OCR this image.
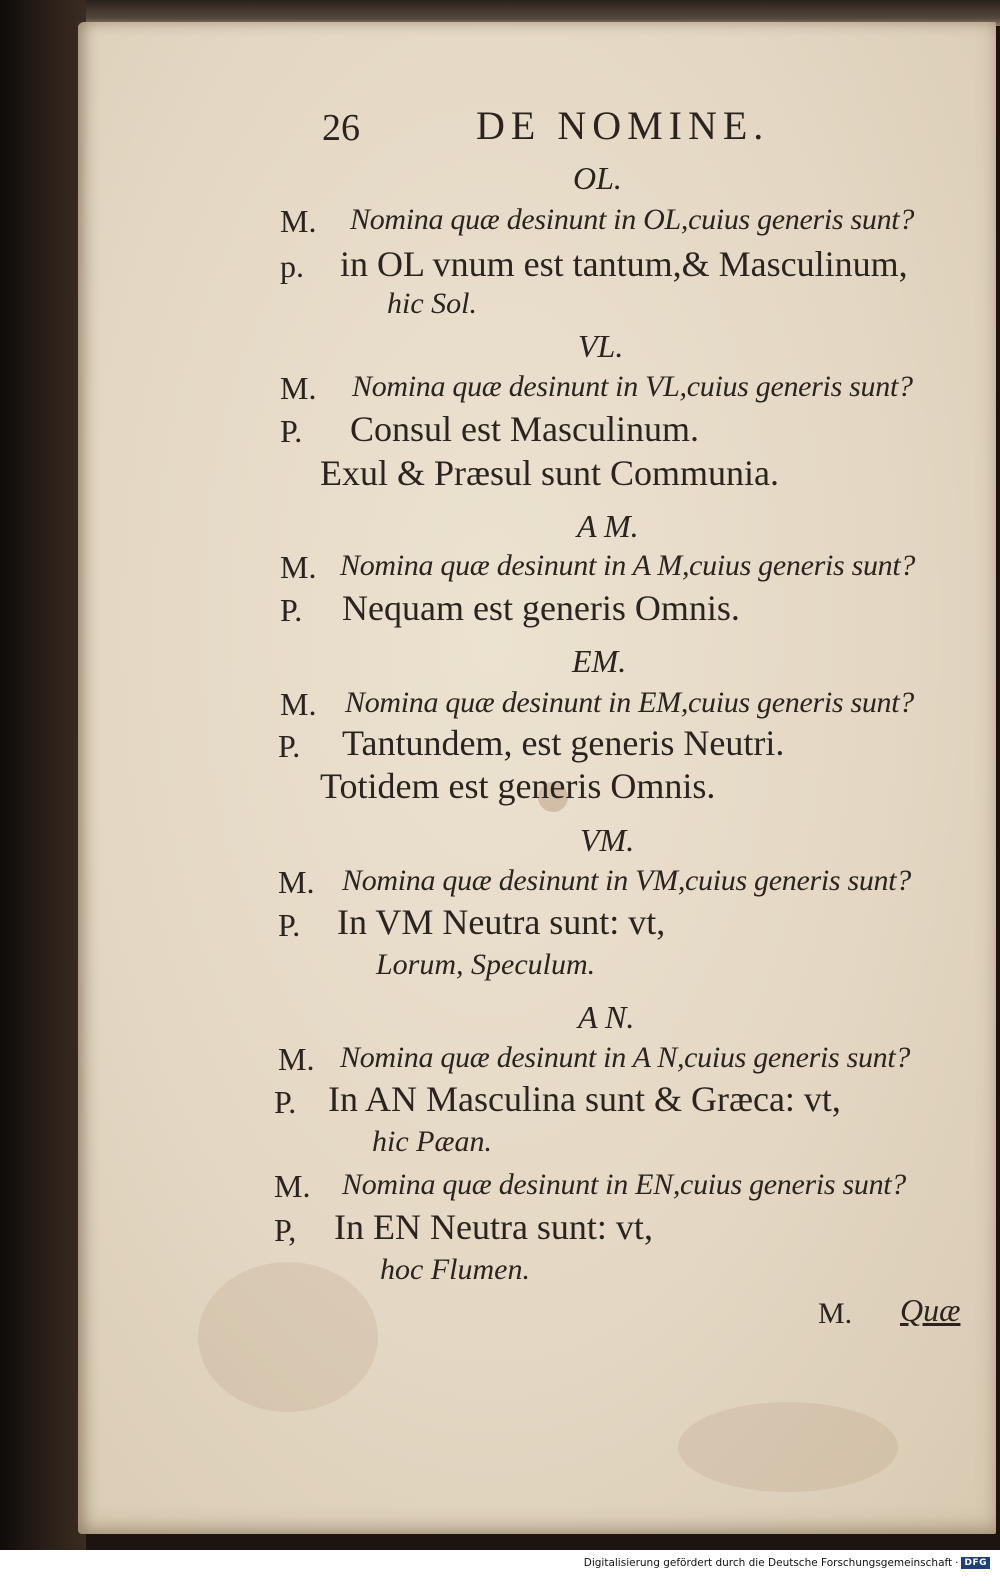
26	DE NOMINE.
OL.
M. Nomina quæ desinunt in OL,cuius generis sunt?
p. in OL vnum est tantum,& Masculinum,
hic Sol.
VL.
M. Nomina quæ desinunt in VL,cuius generis sunt?
P. Consul est Masculinum.
Exul & Præsul sunt Communia.
A M.
M. Nomina quæ desinunt in A M,cuius generis sunt?
P. Nequam est generis Omnis.
EM.
M. Nomina quæ desinunt in EM,cuius generis sunt?
P. Tantundem, est generis Neutri.
Totidem est generis Omnis.
VM.
M. Nomina quæ desinunt in VM,cuius generis sunt?
P. In VM Neutra sunt: vt,
Lorum, Speculum.
A N.
M. Nomina quæ desinunt in A N,cuius generis sunt?
P. In AN Masculina sunt & Græca: vt,
hic Pæan.
M. Nomina quæ desinunt in EN,cuius generis sunt?
P, In EN Neutra sunt: vt,
hoc Flumen.
M. Quæ
Digitalisierung gefördert durch die Deutsche Forschungsgemeinschaft · DFG
